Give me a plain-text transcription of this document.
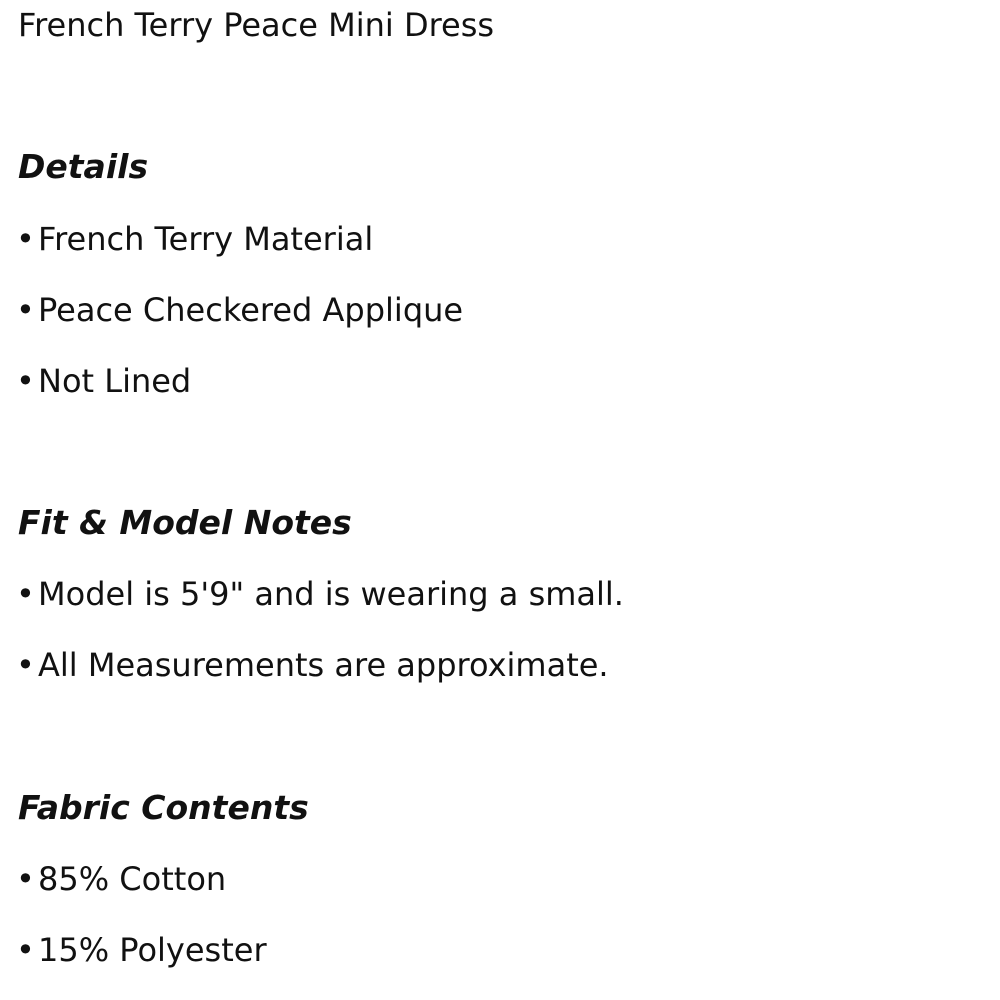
French Terry Peace Mini Dress
Details
•French Terry Material
•Peace Checkered Applique
•Not Lined
Fit & Model Notes
•Model is 5'9" and is wearing a small.
•All Measurements are approximate.
Fabric Contents
•85% Cotton
•15% Polyester
